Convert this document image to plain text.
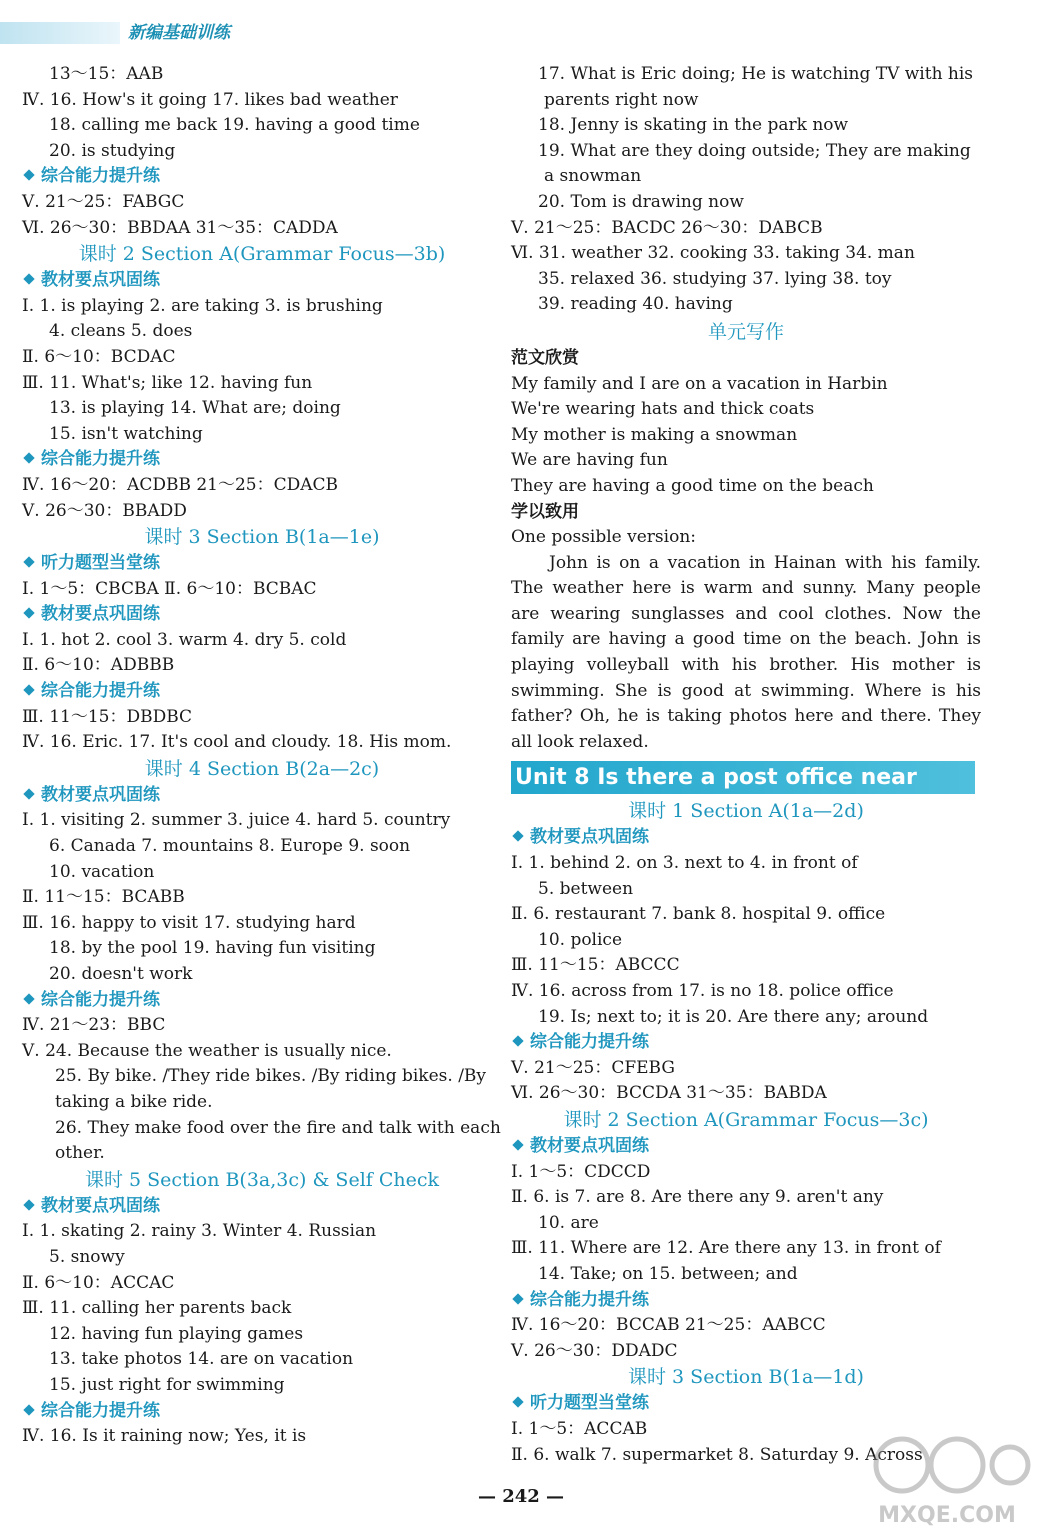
新编基础训练
13～15：AAB
Ⅳ. 16. How's it going 17. likes bad weather
18. calling me back 19. having a good time
20. is studying
综合能力提升练
Ⅴ. 21～25：FABGC
Ⅵ. 26～30：BBDAA 31～35：CADDA
课时 2 Section A(Grammar Focus—3b)
教材要点巩固练
Ⅰ. 1. is playing 2. are taking 3. is brushing
4. cleans 5. does
Ⅱ. 6～10：BCDAC
Ⅲ. 11. What's; like 12. having fun
13. is playing 14. What are; doing
15. isn't watching
综合能力提升练
Ⅳ. 16～20：ACDBB 21～25：CDACB
Ⅴ. 26～30：BBADD
课时 3 Section B(1a—1e)
听力题型当堂练
Ⅰ. 1～5：CBCBA Ⅱ. 6～10：BCBAC
教材要点巩固练
Ⅰ. 1. hot 2. cool 3. warm 4. dry 5. cold
Ⅱ. 6～10：ADBBB
综合能力提升练
Ⅲ. 11～15：DBDBC
Ⅳ. 16. Eric. 17. It's cool and cloudy. 18. His mom.
课时 4 Section B(2a—2c)
教材要点巩固练
Ⅰ. 1. visiting 2. summer 3. juice 4. hard 5. country
6. Canada 7. mountains 8. Europe 9. soon
10. vacation
Ⅱ. 11～15：BCABB
Ⅲ. 16. happy to visit 17. studying hard
18. by the pool 19. having fun visiting
20. doesn't work
综合能力提升练
Ⅳ. 21～23：BBC
Ⅴ. 24. Because the weather is usually nice.
25. By bike. /They ride bikes. /By riding bikes. /By taking a bike ride.
26. They make food over the fire and talk with each other.
课时 5 Section B(3a,3c) & Self Check
教材要点巩固练
Ⅰ. 1. skating 2. rainy 3. Winter 4. Russian
5. snowy
Ⅱ. 6～10：ACCAC
Ⅲ. 11. calling her parents back
12. having fun playing games
13. take photos 14. are on vacation
15. just right for swimming
综合能力提升练
Ⅳ. 16. Is it raining now; Yes, it is
17. What is Eric doing; He is watching TV with his
parents right now
18. Jenny is skating in the park now
19. What are they doing outside; They are making
a snowman
20. Tom is drawing now
Ⅴ. 21～25：BACDC 26～30：DABCB
Ⅵ. 31. weather 32. cooking 33. taking 34. man
35. relaxed 36. studying 37. lying 38. toy
39. reading 40. having
单元写作
范文欣赏
My family and I are on a vacation in Harbin
We're wearing hats and thick coats
My mother is making a snowman
We are having fun
They are having a good time on the beach
学以致用
One possible version:
John is on a vacation in Hainan with his family. The weather here is warm and sunny. Many people are wearing sunglasses and cool clothes. Now the family are having a good time on the beach. John is playing volleyball with his brother. His mother is swimming. She is good at swimming. Where is his father? Oh, he is taking photos here and there. They all look relaxed.
Unit 8 Is there a post office near here?	课时 1 Section A(1a—2d)
教材要点巩固练
Ⅰ. 1. behind 2. on 3. next to 4. in front of
5. between
Ⅱ. 6. restaurant 7. bank 8. hospital 9. office
10. police
Ⅲ. 11～15：ABCCC
Ⅳ. 16. across from 17. is no 18. police office
19. Is; next to; it is 20. Are there any; around
综合能力提升练
Ⅴ. 21～25：CFEBG
Ⅵ. 26～30：BCCDA 31～35：BABDA
课时 2 Section A(Grammar Focus—3c)
教材要点巩固练
Ⅰ. 1～5：CDCCD
Ⅱ. 6. is 7. are 8. Are there any 9. aren't any
10. are
Ⅲ. 11. Where are 12. Are there any 13. in front of
14. Take; on 15. between; and
综合能力提升练
Ⅳ. 16～20：BCCAB 21～25：AABCC
Ⅴ. 26～30：DDADC
课时 3 Section B(1a—1d)
听力题型当堂练
Ⅰ. 1～5：ACCAB
Ⅱ. 6. walk 7. supermarket 8. Saturday 9. Across
— 242 —
MXQE.COM
